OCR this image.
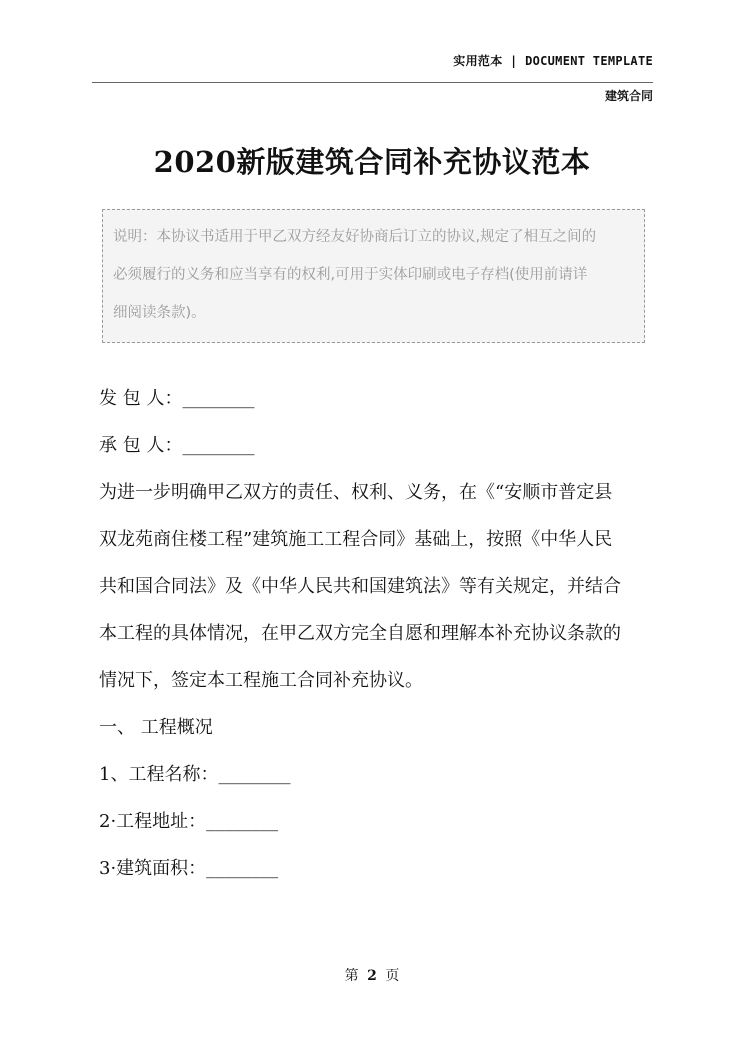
实用范本 | DOCUMENT TEMPLATE
建筑合同
2020新版建筑合同补充协议范本
说明：本协议书适用于甲乙双方经友好协商后订立的协议,规定了相互之间的
必须履行的义务和应当享有的权利,可用于实体印刷或电子存档(使用前请详
细阅读条款)。

发 包 人：________

承 包 人：________

为进一步明确甲乙双方的责任、权利、义务，在《“安顺市普定县

双龙苑商住楼工程”建筑施工工程合同》基础上，按照《中华人民

共和国合同法》及《中华人民共和国建筑法》等有关规定，并结合

本工程的具体情况，在甲乙双方完全自愿和理解本补充协议条款的

情况下，签定本工程施工合同补充协议。

一、 工程概况

1、工程名称：________

2·工程地址：________

3·建筑面积：________

第 2 页
